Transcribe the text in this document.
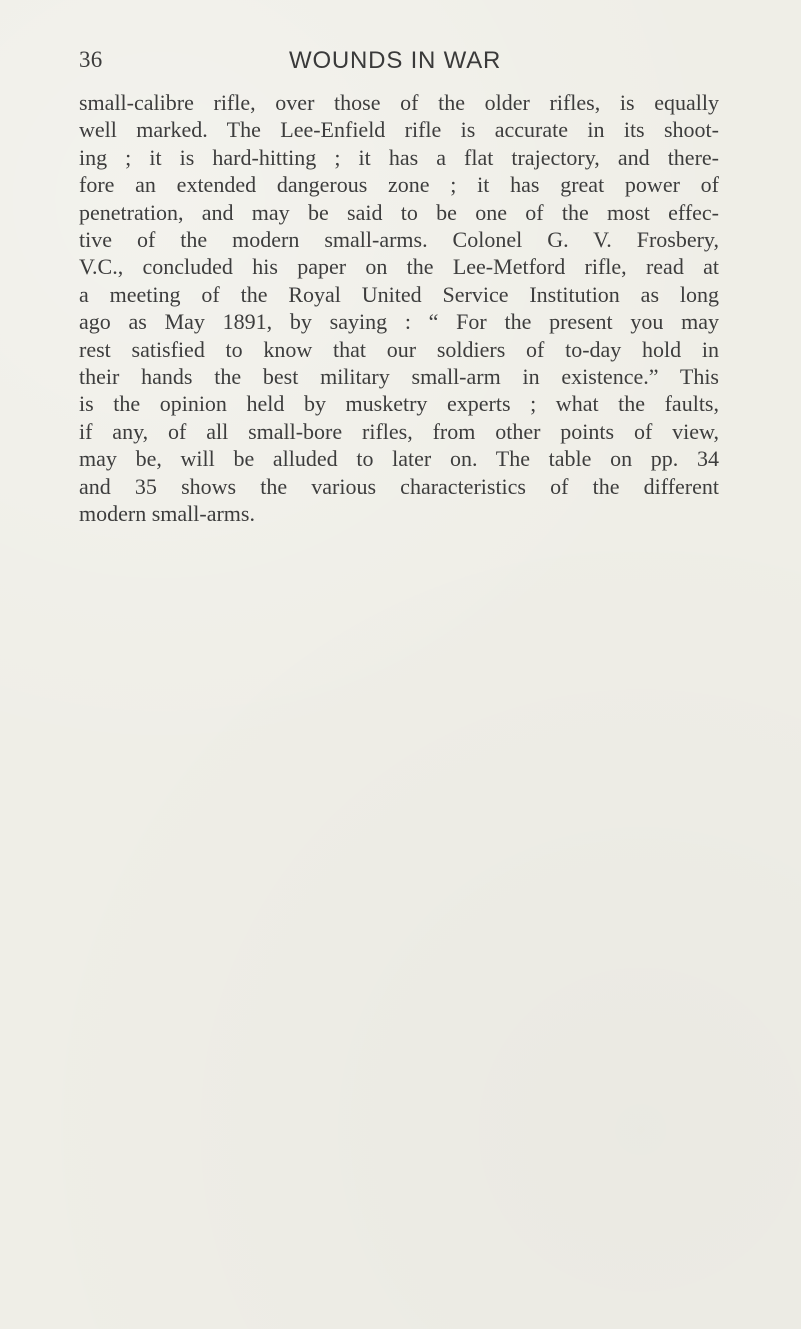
36	WOUNDS IN WAR
small-calibre rifle, over those of the older rifles, is equally
well marked. The Lee-Enfield rifle is accurate in its shoot-
ing ; it is hard-hitting ; it has a flat trajectory, and there-
fore an extended dangerous zone ; it has great power of
penetration, and may be said to be one of the most effec-
tive of the modern small-arms. Colonel G. V. Frosbery,
V.C., concluded his paper on the Lee-Metford rifle, read at
a meeting of the Royal United Service Institution as long
ago as May 1891, by saying : “ For the present you may
rest satisfied to know that our soldiers of to-day hold in
their hands the best military small-arm in existence.” This
is the opinion held by musketry experts ; what the faults,
if any, of all small-bore rifles, from other points of view,
may be, will be alluded to later on. The table on pp. 34
and 35 shows the various characteristics of the different
modern small-arms.
